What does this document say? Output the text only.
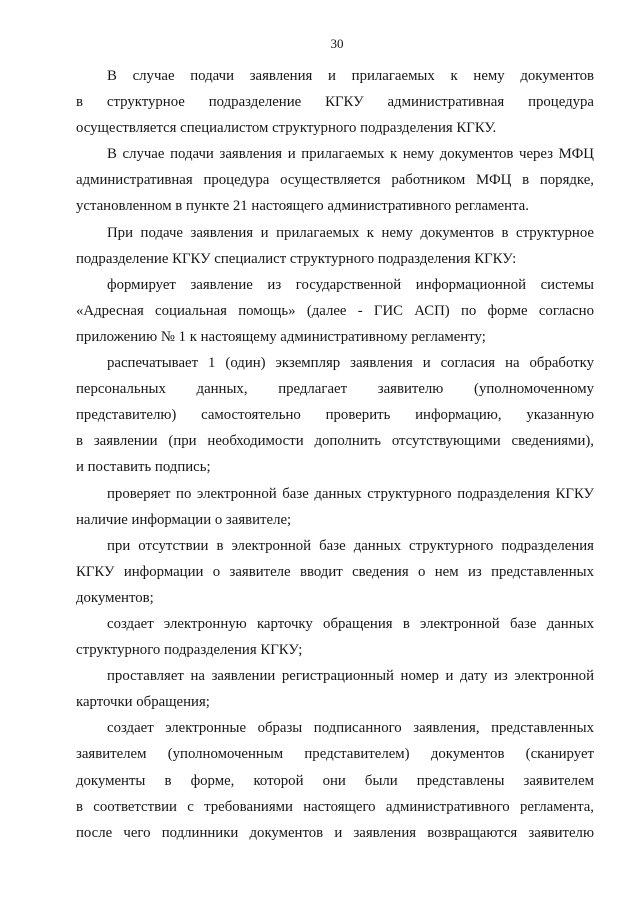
30
В случае подачи заявления и прилагаемых к нему документов
в структурное подразделение КГКУ административная процедура
осуществляется специалистом структурного подразделения КГКУ.
В случае подачи заявления и прилагаемых к нему документов через МФЦ
административная процедура осуществляется работником МФЦ в порядке,
установленном в пункте 21 настоящего административного регламента.
При подаче заявления и прилагаемых к нему документов в структурное
подразделение КГКУ специалист структурного подразделения КГКУ:
формирует заявление из государственной информационной системы
«Адресная социальная помощь» (далее - ГИС АСП) по форме согласно
приложению № 1 к настоящему административному регламенту;
распечатывает 1 (один) экземпляр заявления и согласия на обработку
персональных данных, предлагает заявителю (уполномоченному
представителю) самостоятельно проверить информацию, указанную
в заявлении (при необходимости дополнить отсутствующими сведениями),
и поставить подпись;
проверяет по электронной базе данных структурного подразделения КГКУ
наличие информации о заявителе;
при отсутствии в электронной базе данных структурного подразделения
КГКУ информации о заявителе вводит сведения о нем из представленных
документов;
создает электронную карточку обращения в электронной базе данных
структурного подразделения КГКУ;
проставляет на заявлении регистрационный номер и дату из электронной
карточки обращения;
создает электронные образы подписанного заявления, представленных
заявителем (уполномоченным представителем) документов (сканирует
документы в форме, которой они были представлены заявителем
в соответствии с требованиями настоящего административного регламента,
после чего подлинники документов и заявления возвращаются заявителю
